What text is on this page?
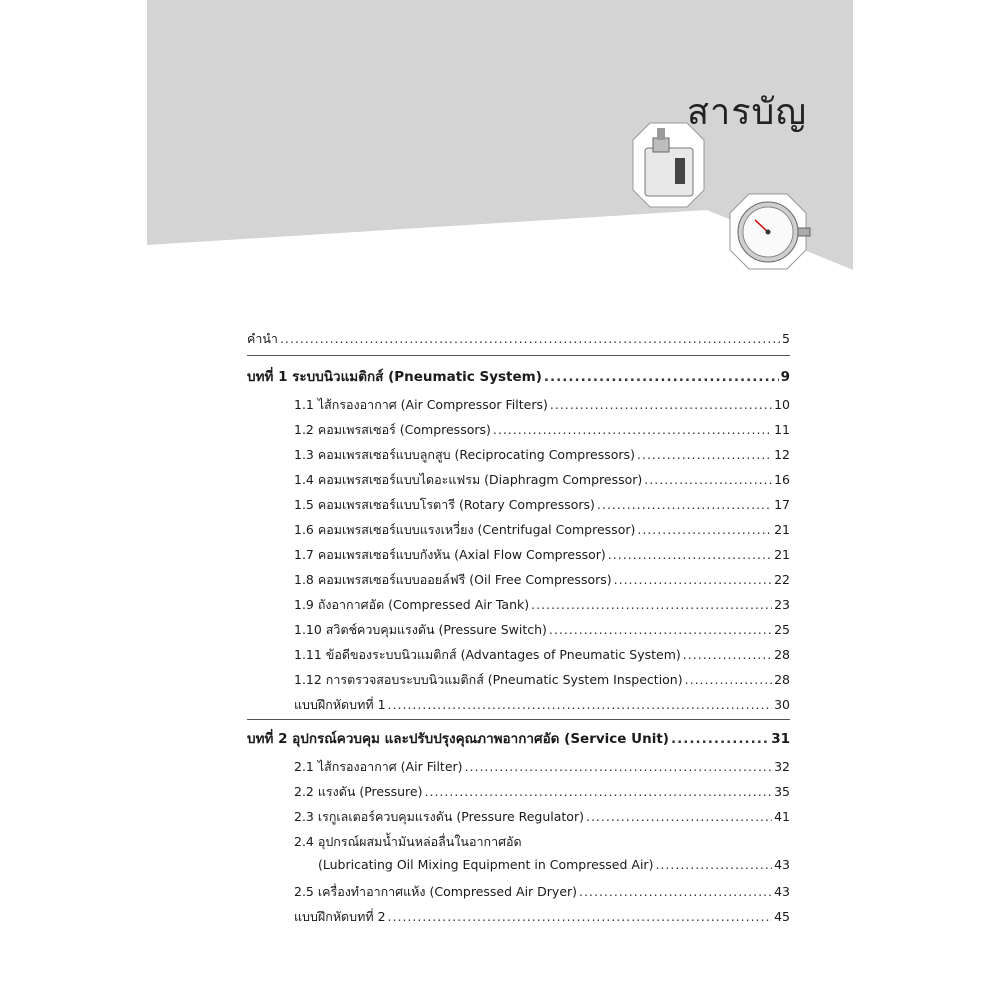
สารบัญ
คำนำ .....	5
บทที่ 1 ระบบนิวแมติกส์ (Pneumatic System) .....	9
1.1 ไส้กรองอากาศ (Air Compressor Filters) .....	10
1.2 คอมเพรสเซอร์ (Compressors) .....	11
1.3 คอมเพรสเซอร์แบบลูกสูบ (Reciprocating Compressors) .....	12
1.4 คอมเพรสเซอร์แบบไดอะแฟรม (Diaphragm Compressor) .....	16
1.5 คอมเพรสเซอร์แบบโรตารี (Rotary Compressors) .....	17
1.6 คอมเพรสเซอร์แบบแรงเหวี่ยง (Centrifugal Compressor) .....	21
1.7 คอมเพรสเซอร์แบบกังหัน (Axial Flow Compressor) .....	21
1.8 คอมเพรสเซอร์แบบออยล์ฟรี (Oil Free Compressors) .....	22
1.9 ถังอากาศอัด (Compressed Air Tank) .....	23
1.10 สวิตช์ควบคุมแรงดัน (Pressure Switch) .....	25
1.11 ข้อดีของระบบนิวแมติกส์ (Advantages of Pneumatic System) .....	28
1.12 การตรวจสอบระบบนิวแมติกส์ (Pneumatic System Inspection) .....	28
แบบฝึกหัดบทที่ 1 .....	30
บทที่ 2 อุปกรณ์ควบคุม และปรับปรุงคุณภาพอากาศอัด (Service Unit) .....	31
2.1 ไส้กรองอากาศ (Air Filter) .....	32
2.2 แรงดัน (Pressure) .....	35
2.3 เรกูเลเตอร์ควบคุมแรงดัน (Pressure Regulator) .....	41
2.4 อุปกรณ์ผสมน้ำมันหล่อลื่นในอากาศอัด
(Lubricating Oil Mixing Equipment in Compressed Air) .....	43
2.5 เครื่องทำอากาศแห้ง (Compressed Air Dryer) .....	43
แบบฝึกหัดบทที่ 2 .....	45
